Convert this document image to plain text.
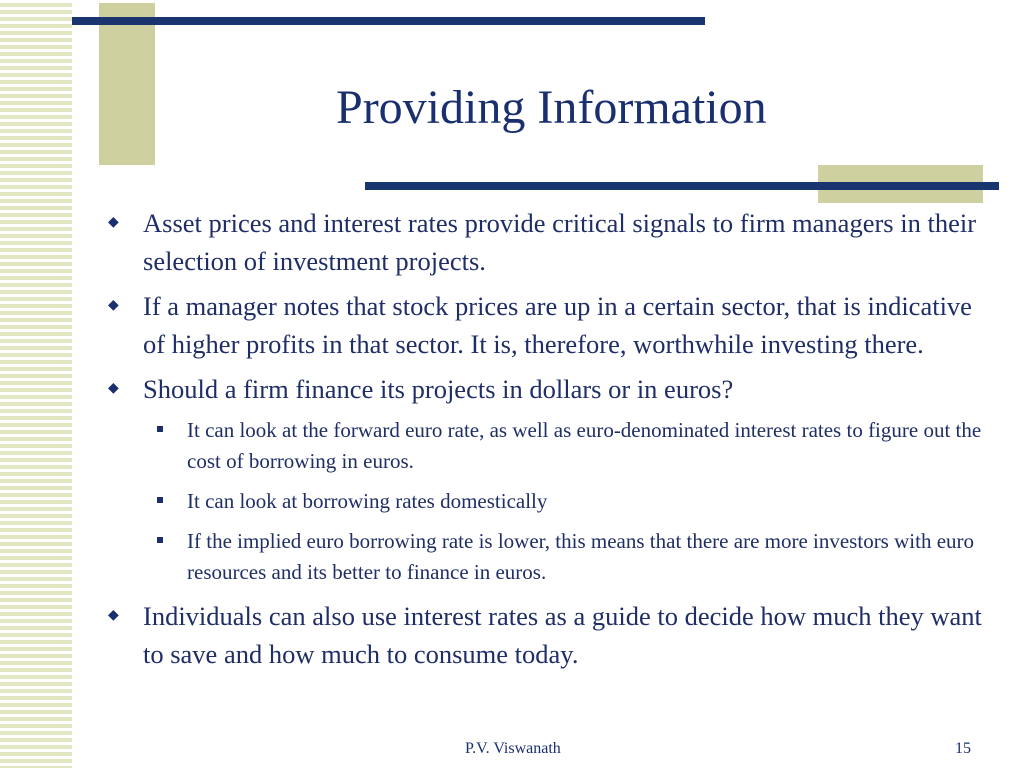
Providing Information
◆ Asset prices and interest rates provide critical signals to firm managers in their selection of investment projects.
◆ If a manager notes that stock prices are up in a certain sector, that is indicative of higher profits in that sector. It is, therefore, worthwhile investing there.
◆ Should a firm finance its projects in dollars or in euros?
It can look at the forward euro rate, as well as euro-denominated interest rates to figure out the cost of borrowing in euros.
It can look at borrowing rates domestically
If the implied euro borrowing rate is lower, this means that there are more investors with euro resources and its better to finance in euros.
◆ Individuals can also use interest rates as a guide to decide how much they want to save and how much to consume today.
P.V. Viswanath	15
